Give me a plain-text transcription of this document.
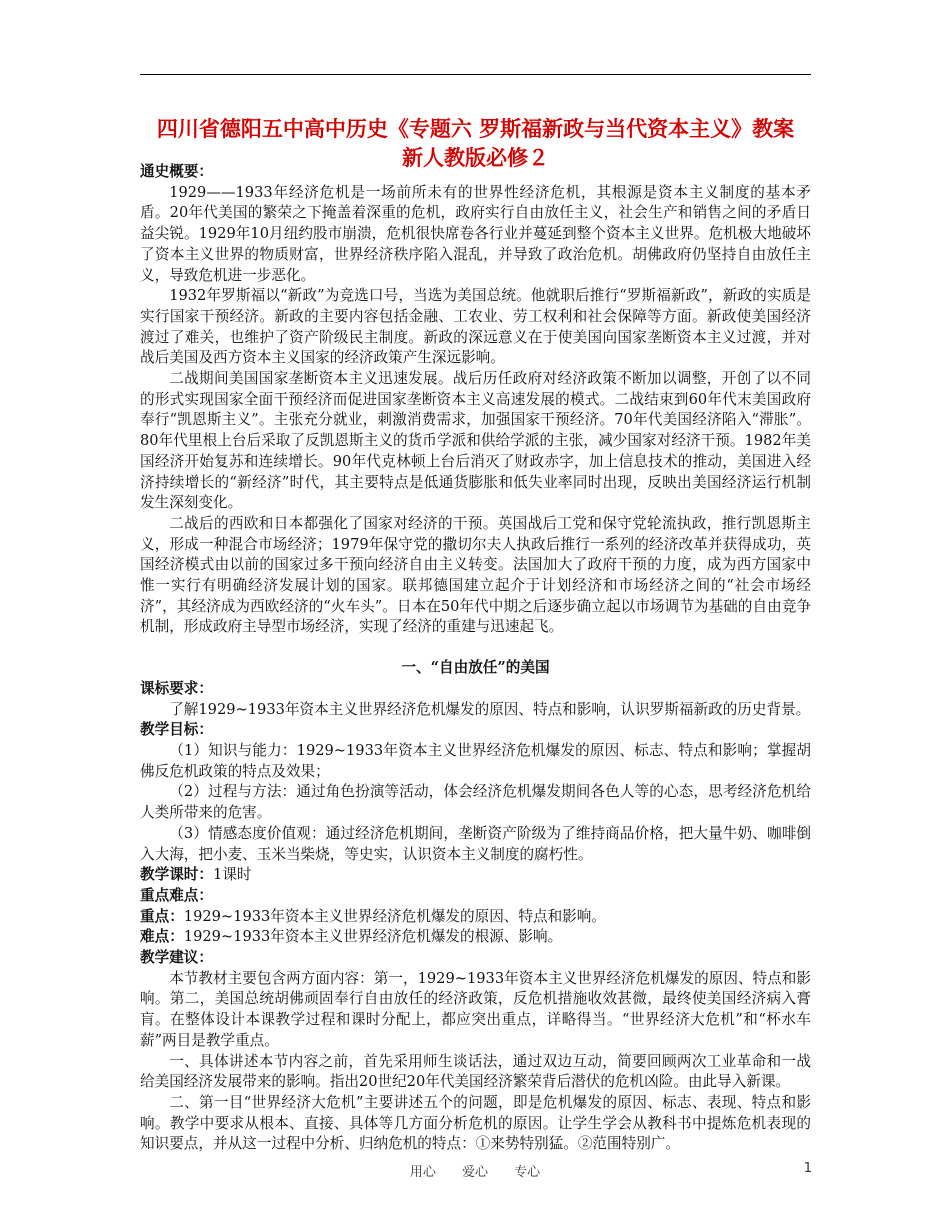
四川省德阳五中高中历史《专题六 罗斯福新政与当代资本主义》教案
新人教版必修２

通史概要：

1929——1933年经济危机是一场前所未有的世界性经济危机，其根源是资本主义制度的基本矛盾。20年代美国的繁荣之下掩盖着深重的危机，政府实行自由放任主义，社会生产和销售之间的矛盾日益尖锐。1929年10月纽约股市崩溃，危机很快席卷各行业并蔓延到整个资本主义世界。危机极大地破坏了资本主义世界的物质财富，世界经济秩序陷入混乱，并导致了政治危机。胡佛政府仍坚持自由放任主义，导致危机进一步恶化。

1932年罗斯福以“新政”为竞选口号，当选为美国总统。他就职后推行“罗斯福新政”，新政的实质是实行国家干预经济。新政的主要内容包括金融、工农业、劳工权利和社会保障等方面。新政使美国经济渡过了难关，也维护了资产阶级民主制度。新政的深远意义在于使美国向国家垄断资本主义过渡，并对战后美国及西方资本主义国家的经济政策产生深远影响。

二战期间美国国家垄断资本主义迅速发展。战后历任政府对经济政策不断加以调整，开创了以不同的形式实现国家全面干预经济而促进国家垄断资本主义高速发展的模式。二战结束到60年代末美国政府奉行“凯恩斯主义”。主张充分就业，刺激消费需求，加强国家干预经济。70年代美国经济陷入“滞胀”。80年代里根上台后采取了反凯恩斯主义的货币学派和供给学派的主张，减少国家对经济干预。1982年美国经济开始复苏和连续增长。90年代克林顿上台后消灭了财政赤字，加上信息技术的推动，美国进入经济持续增长的“新经济”时代，其主要特点是低通货膨胀和低失业率同时出现，反映出美国经济运行机制发生深刻变化。

二战后的西欧和日本都强化了国家对经济的干预。英国战后工党和保守党轮流执政，推行凯恩斯主义，形成一种混合市场经济；1979年保守党的撒切尔夫人执政后推行一系列的经济改革并获得成功，英国经济模式由以前的国家过多干预向经济自由主义转变。法国加大了政府干预的力度，成为西方国家中惟一实行有明确经济发展计划的国家。联邦德国建立起介于计划经济和市场经济之间的“社会市场经济”，其经济成为西欧经济的“火车头”。日本在50年代中期之后逐步确立起以市场调节为基础的自由竞争机制，形成政府主导型市场经济，实现了经济的重建与迅速起飞。

一、“自由放任”的美国

课标要求：

了解1929~1933年资本主义世界经济危机爆发的原因、特点和影响，认识罗斯福新政的历史背景。

教学目标：

（1）知识与能力：1929~1933年资本主义世界经济危机爆发的原因、标志、特点和影响；掌握胡佛反危机政策的特点及效果；

（2）过程与方法：通过角色扮演等活动，体会经济危机爆发期间各色人等的心态，思考经济危机给人类所带来的危害。

（3）情感态度价值观：通过经济危机期间，垄断资产阶级为了维持商品价格，把大量牛奶、咖啡倒入大海，把小麦、玉米当柴烧，等史实，认识资本主义制度的腐朽性。

教学课时：1课时

重点难点：

重点：1929~1933年资本主义世界经济危机爆发的原因、特点和影响。

难点：1929~1933年资本主义世界经济危机爆发的根源、影响。

教学建议：

本节教材主要包含两方面内容：第一，1929~1933年资本主义世界经济危机爆发的原因、特点和影响。第二，美国总统胡佛顽固奉行自由放任的经济政策，反危机措施收效甚微，最终使美国经济病入膏肓。在整体设计本课教学过程和课时分配上，都应突出重点，详略得当。“世界经济大危机”和“杯水车薪”两目是教学重点。

一、具体讲述本节内容之前，首先采用师生谈话法，通过双边互动，简要回顾两次工业革命和一战给美国经济发展带来的影响。指出20世纪20年代美国经济繁荣背后潜伏的危机凶险。由此导入新课。

二、第一目“世界经济大危机”主要讲述五个的问题，即是危机爆发的原因、标志、表现、特点和影响。教学中要求从根本、直接、具体等几方面分析危机的原因。让学生学会从教科书中提炼危机表现的知识要点，并从这一过程中分析、归纳危机的特点：①来势特别猛。②范围特别广。

用心 爱心 专心	1
